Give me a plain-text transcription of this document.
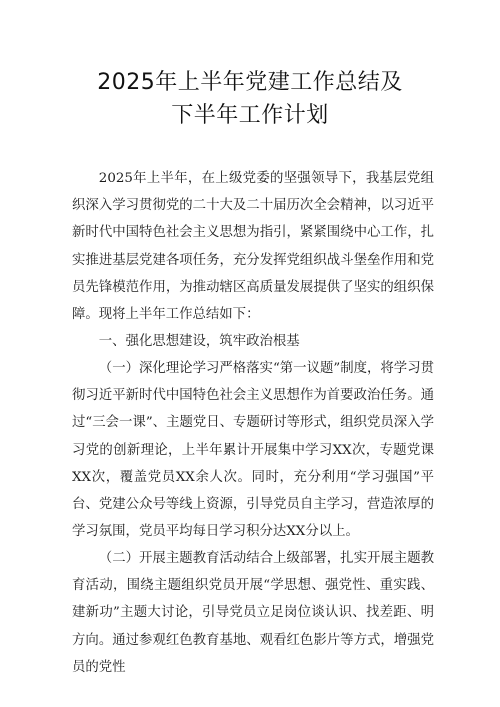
2025年上半年党建工作总结及
下半年工作计划
2025年上半年，在上级党委的坚强领导下，我基层党组织深入学习贯彻党的二十大及二十届历次全会精神，以习近平新时代中国特色社会主义思想为指引，紧紧围绕中心工作，扎实推进基层党建各项任务，充分发挥党组织战斗堡垒作用和党员先锋模范作用，为推动辖区高质量发展提供了坚实的组织保障。现将上半年工作总结如下：
一、强化思想建设，筑牢政治根基
（一）深化理论学习严格落实“第一议题”制度，将学习贯彻习近平新时代中国特色社会主义思想作为首要政治任务。通过“三会一课”、主题党日、专题研讨等形式，组织党员深入学习党的创新理论，上半年累计开展集中学习XX次，专题党课XX次，覆盖党员XX余人次。同时，充分利用“学习强国”平台、党建公众号等线上资源，引导党员自主学习，营造浓厚的学习氛围，党员平均每日学习积分达XX分以上。
（二）开展主题教育活动结合上级部署，扎实开展主题教育活动，围绕主题组织党员开展“学思想、强党性、重实践、建新功”主题大讨论，引导党员立足岗位谈认识、找差距、明方向。通过参观红色教育基地、观看红色影片等方式，增强党员的党性
